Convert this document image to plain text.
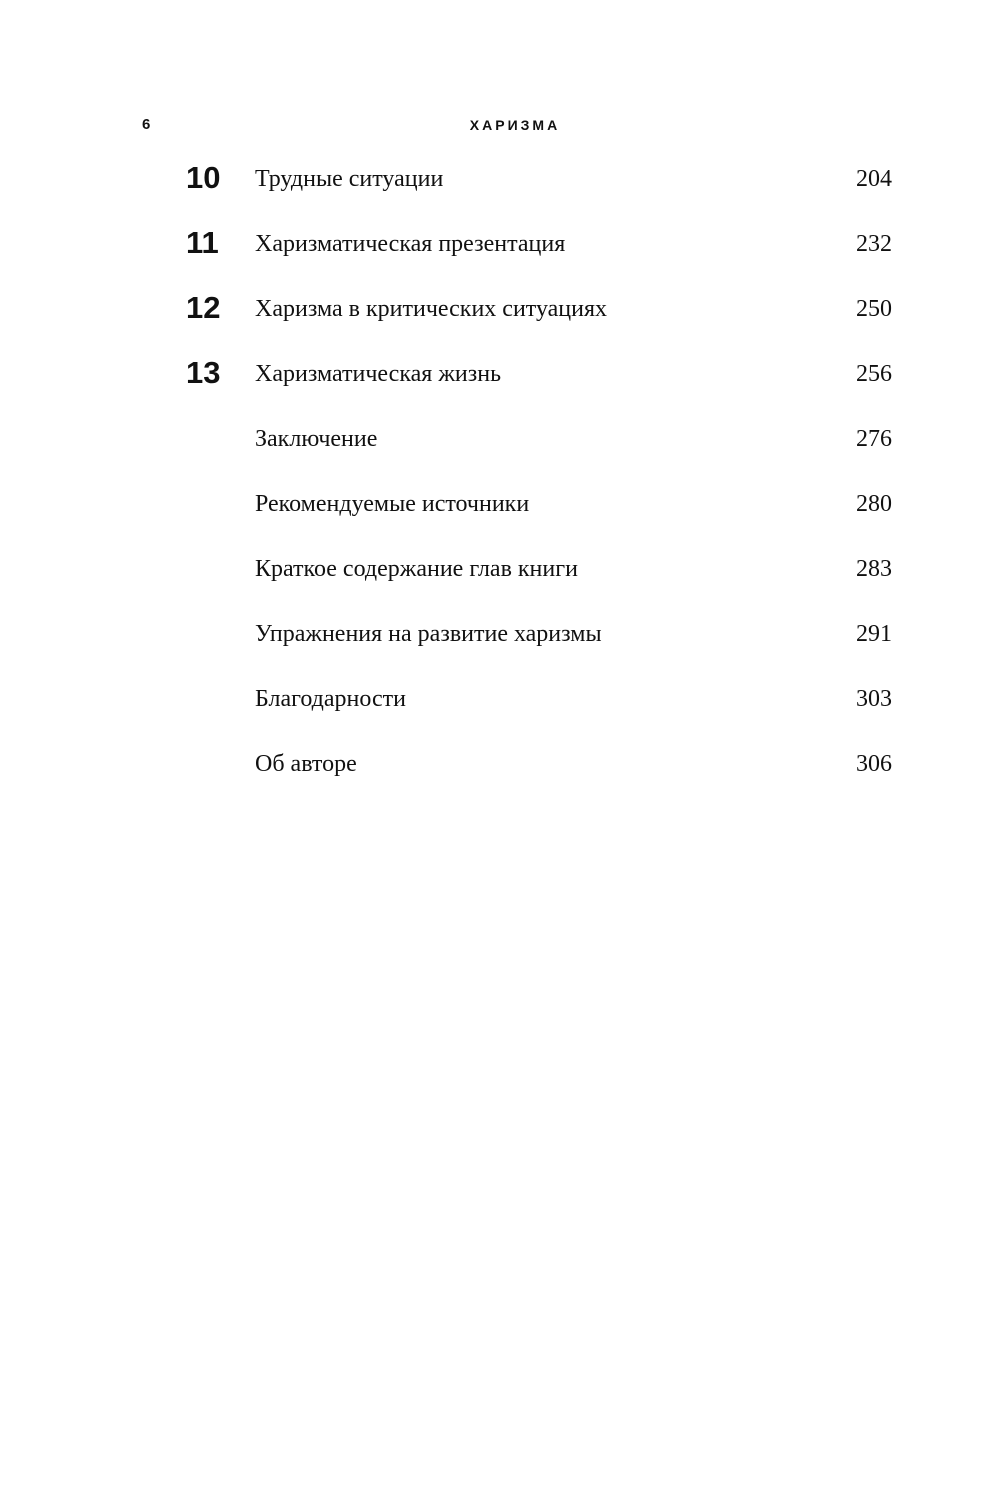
6	ХАРИЗМА
10 Трудные ситуации	204
11 Харизматическая презентация	232
12 Харизма в критических ситуациях	250
13 Харизматическая жизнь	256
Заключение	276
Рекомендуемые источники	280
Краткое содержание глав книги	283
Упражнения на развитие харизмы	291
Благодарности	303
Об авторе	306
